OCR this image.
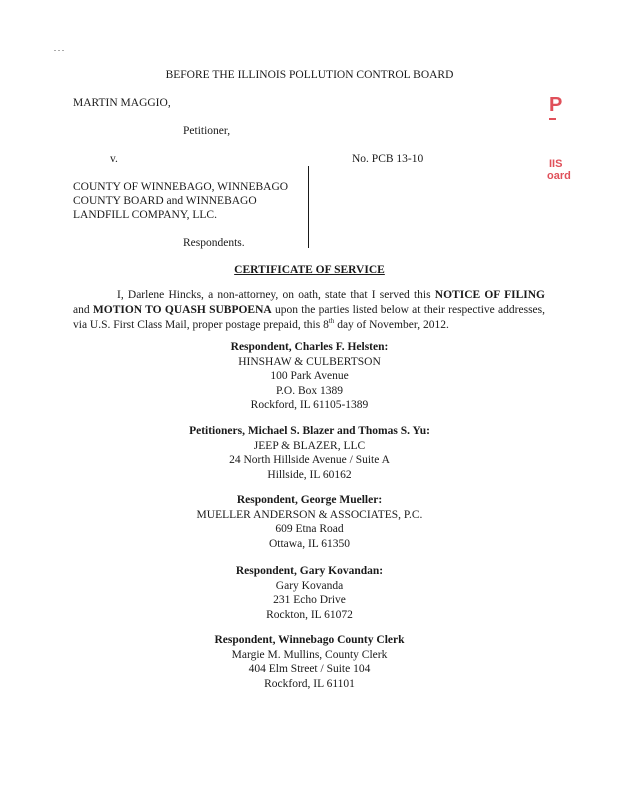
. . .
P
IIS
oard
BEFORE THE ILLINOIS POLLUTION CONTROL BOARD
MARTIN MAGGIO,
Petitioner,
v.	No. PCB 13-10
COUNTY OF WINNEBAGO, WINNEBAGO
COUNTY BOARD and WINNEBAGO
LANDFILL COMPANY, LLC.
Respondents.
CERTIFICATE OF SERVICE
I, Darlene Hincks, a non-attorney, on oath, state that I served this NOTICE OF FILING and MOTION TO QUASH SUBPOENA upon the parties listed below at their respective addresses, via U.S. First Class Mail, proper postage prepaid, this 8th day of November, 2012.
Respondent, Charles F. Helsten:
HINSHAW & CULBERTSON
100 Park Avenue
P.O. Box 1389
Rockford, IL 61105-1389
Petitioners, Michael S. Blazer and Thomas S. Yu:
JEEP & BLAZER, LLC
24 North Hillside Avenue / Suite A
Hillside, IL 60162
Respondent, George Mueller:
MUELLER ANDERSON & ASSOCIATES, P.C.
609 Etna Road
Ottawa, IL 61350
Respondent, Gary Kovandan:
Gary Kovanda
231 Echo Drive
Rockton, IL 61072
Respondent, Winnebago County Clerk
Margie M. Mullins, County Clerk
404 Elm Street / Suite 104
Rockford, IL 61101
